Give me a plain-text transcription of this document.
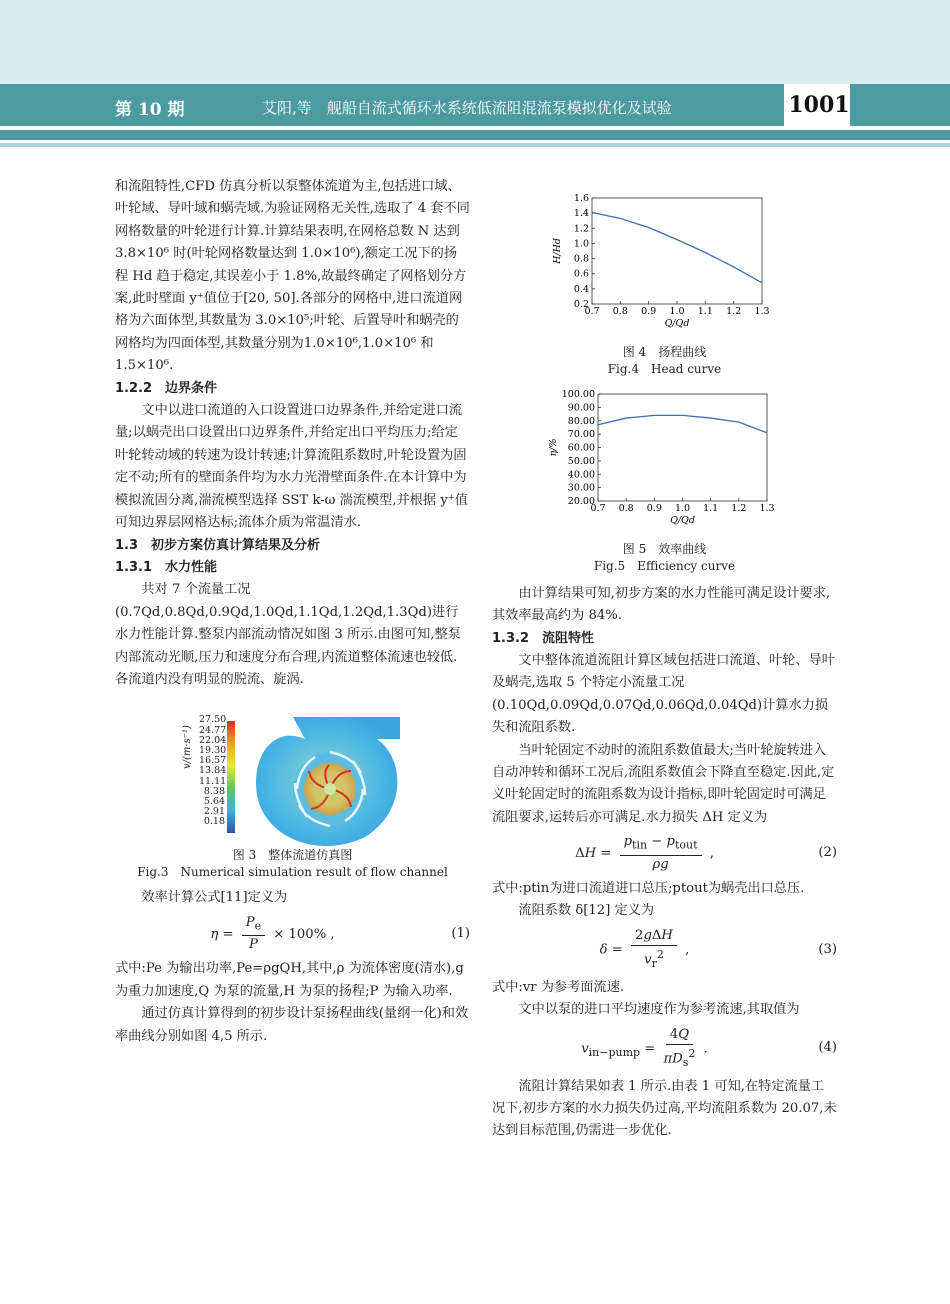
第 10 期	艾阳,等　舰船自流式循环水系统低流阻混流泵模拟优化及试验	1001

和流阻特性,CFD 仿真分析以泵整体流道为主,包括进口域、叶轮域、导叶域和蜗壳域.为验证网格无关性,选取了 4 套不同网格数量的叶轮进行计算.计算结果表明,在网格总数 N 达到 3.8×10⁶ 时(叶轮网格数量达到 1.0×10⁶),额定工况下的扬程 Hd 趋于稳定,其误差小于 1.8%,故最终确定了网格划分方案,此时壁面 y⁺值位于[20, 50].各部分的网格中,进口流道网格为六面体型,其数量为 3.0×10⁵;叶轮、后置导叶和蜗壳的网格均为四面体型,其数量分别为1.0×10⁶,1.0×10⁶ 和 1.5×10⁶.

1.2.2　边界条件

文中以进口流道的入口设置进口边界条件,并给定进口流量;以蜗壳出口设置出口边界条件,并给定出口平均压力;给定叶轮转动域的转速为设计转速;计算流阻系数时,叶轮设置为固定不动;所有的壁面条件均为水力光滑壁面条件.在本计算中为模拟流固分离,湍流模型选择 SST k-ω 湍流模型,并根据 y⁺值可知边界层网格达标;流体介质为常温清水.

1.3　初步方案仿真计算结果及分析

1.3.1　水力性能

共对 7 个流量工况(0.7Qd,0.8Qd,0.9Qd,1.0Qd,1.1Qd,1.2Qd,1.3Qd)进行水力性能计算.整泵内部流动情况如图 3 所示.由图可知,整泵内部流动光顺,压力和速度分布合理,内流道整体流速也较低.各流道内没有明显的脱流、旋涡.

v/(m·s⁻¹)
27.50
24.77
22.04
19.30
16.57
13.84
11.11
8.38
5.64
2.91
0.18
图 3　整体流道仿真图
Fig.3　Numerical simulation result of flow channel

效率计算公式[11]定义为

$\eta = \frac{P_e}{P} \times 100\%$ ,	(1)

式中:Pe 为输出功率,Pe=ρgQH,其中,ρ 为流体密度(清水),g 为重力加速度,Q 为泵的流量,H 为泵的扬程;P 为输入功率.

通过仿真计算得到的初步设计泵扬程曲线(量纲一化)和效率曲线分别如图 4,5 所示.

0.7 0.8 0.9 1.0 1.1 1.2 1.3
0.2
0.4
0.6
0.8
1.0
1.2
1.4
1.6
Q/Qd
H/Hd
图 4　扬程曲线
Fig.4　Head curve
0.7 0.8 0.9 1.0 1.1 1.2 1.3
20.00
30.00
40.00
50.00
60.00
70.00
80.00
90.00
100.00
Q/Qd
η/%
图 5　效率曲线
Fig.5　Efficiency curve

由计算结果可知,初步方案的水力性能可满足设计要求,其效率最高约为 84%.

1.3.2　流阻特性

文中整体流道流阻计算区域包括进口流道、叶轮、导叶及蜗壳,选取 5 个特定小流量工况(0.10Qd,0.09Qd,0.07Qd,0.06Qd,0.04Qd)计算水力损失和流阻系数.

当叶轮固定不动时的流阻系数值最大;当叶轮旋转进入自动冲转和循环工况后,流阻系数值会下降直至稳定.因此,定义叶轮固定时的流阻系数为设计指标,即叶轮固定时可满足流阻要求,运转后亦可满足.水力损失 ΔH 定义为

$\Delta H = \frac{p_{tin} - p_{tout}}{\rho g}$ ,	(2)

式中:ptin为进口流道进口总压;ptout为蜗壳出口总压.

流阻系数 δ[12] 定义为

$\delta = \frac{\text{2gΔH}}{v_r^2}$ ,	(3)

式中:vr 为参考面流速.

文中以泵的进口平均速度作为参考流速,其取值为

$v_{in-pump} = \frac{4Q}{\pi D_s^2}$ .	(4)

流阻计算结果如表 1 所示.由表 1 可知,在特定流量工况下,初步方案的水力损失仍过高,平均流阻系数为 20.07,未达到目标范围,仍需进一步优化.
